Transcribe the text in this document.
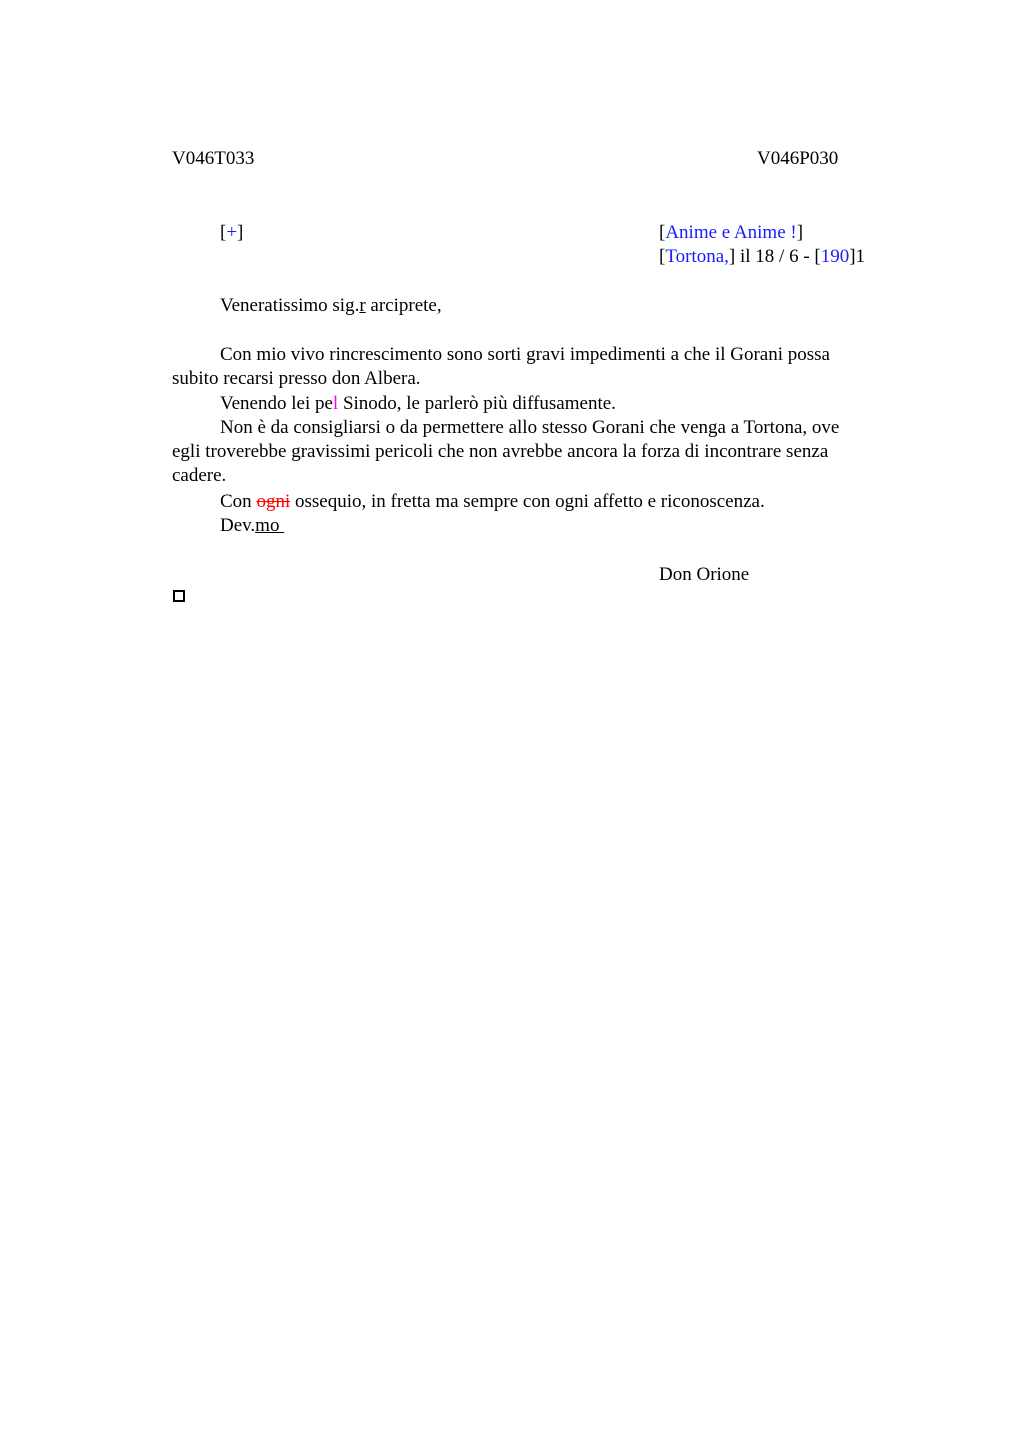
V046T033	V046P030
[+]	[Anime e Anime !]
[Tortona,] il 18 / 6 - [190]1
Veneratissimo sig.r arciprete,
Con mio vivo rincrescimento sono sorti gravi impedimenti a che il Gorani possa subito recarsi presso don Albera.
Venendo lei pel Sinodo, le parlerò più diffusamente.
Non è da consigliarsi o da permettere allo stesso Gorani che venga a Tortona, ove egli troverebbe gravissimi pericoli che non avrebbe ancora la forza di incontrare senza cadere.
Con ogni ossequio, in fretta ma sempre con ogni affetto e riconoscenza.
Dev.mo
Don Orione
